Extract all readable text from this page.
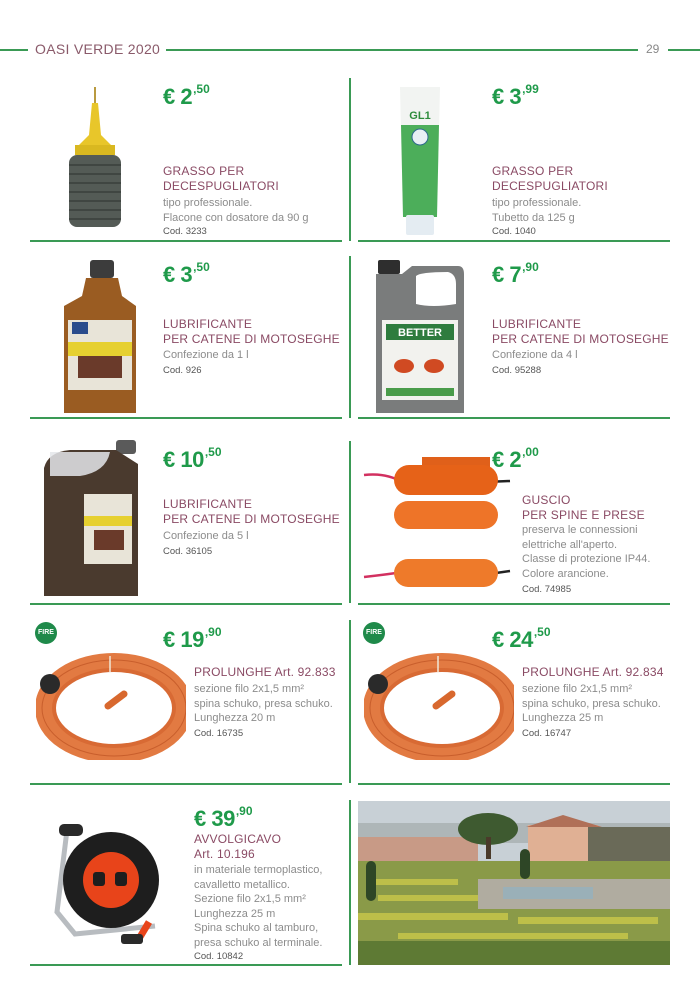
OASI VERDE 2020	29
€ $2^{,50}$
GRASSO PER
DECESPUGLIATORI
tipo professionale.
Flacone con dosatore da 90 g
Cod. 3233
GL1
€ $3^{,99}$
GRASSO PER
DECESPUGLIATORI
tipo professionale.
Tubetto da 125 g
Cod. 1040
€ $3^{,50}$
LUBRIFICANTE
PER CATENE DI MOTOSEGHE
Confezione da 1 l
Cod. 926
BETTER
€ $7^{,90}$
LUBRIFICANTE
PER CATENE DI MOTOSEGHE
Confezione da 4 l
Cod. 95288
€ $10^{,50}$
LUBRIFICANTE
PER CATENE DI MOTOSEGHE
Confezione da 5 l
Cod. 36105
€ $2^{,00}$
GUSCIO
PER SPINE E PRESE
preserva le connessioni
elettriche all'aperto.
Classe di protezione IP44.
Colore arancione.
Cod. 74985
FIRE	€ $19^{,90}$
PROLUNGHE Art. 92.833
sezione filo 2x1,5 mm²
spina schuko, presa schuko.
Lunghezza 20 m
Cod. 16735
FIRE	€ $24^{,50}$
PROLUNGHE Art. 92.834
sezione filo 2x1,5 mm²
spina schuko, presa schuko.
Lunghezza 25 m
Cod. 16747
€ $39^{,90}$
AVVOLGICAVO
Art. 10.196
in materiale termoplastico,
cavalletto metallico.
Sezione filo 2x1,5 mm²
Lunghezza 25 m
Spina schuko al tamburo,
presa schuko al terminale.
Cod. 10842
